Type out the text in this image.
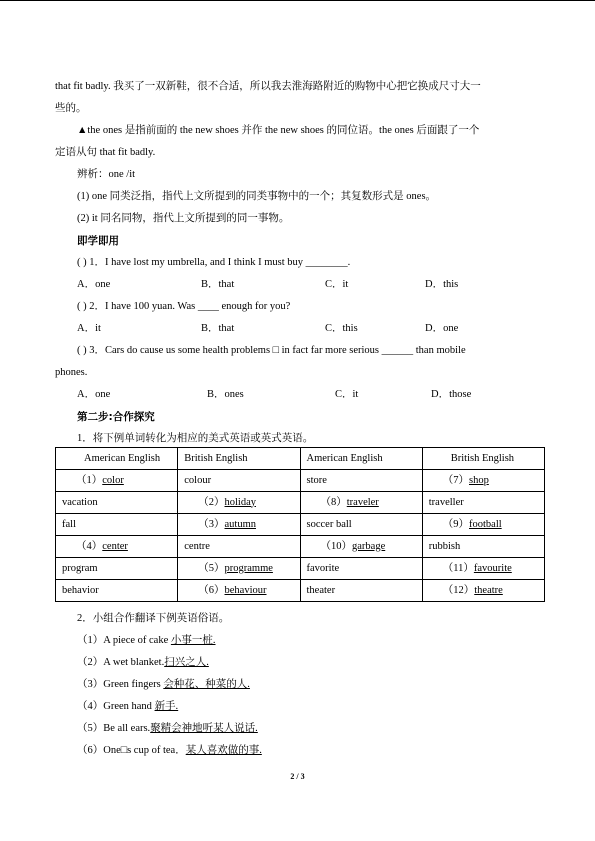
that fit badly. 我买了一双新鞋，很不合适，所以我去淮海路附近的购物中心把它换成尺寸大一
些的。
▲the ones 是指前面的 the new shoes 并作 the new shoes 的同位语。the ones 后面跟了一个
定语从句 that fit badly.
辨析：one /it
(1) one 同类泛指，指代上文所提到的同类事物中的一个；其复数形式是 ones。
(2) it 同名同物，指代上文所提到的同一事物。
即学即用
( ) 1．I have lost my umbrella, and I think I must buy ________.
A．one	B．that	C．it	D．this
( ) 2．I have 100 yuan. Was ____ enough for you?
A．it	B．that	C．this	D．one
( ) 3．Cars do cause us some health problems □ in fact far more serious ______ than mobile
phones.
A．one	B．ones	C．it	D．those
第二步:合作探究
1．将下例单词转化为相应的美式英语或英式英语。
American English	British English	American English	British English
（1）color	colour	store	（7）shop
vacation	（2）holiday	（8）traveler	traveller
fall	（3）autumn	soccer ball	（9）football
（4）center	centre	（10）garbage	rubbish
program	（5）programme	favorite	（11）favourite
behavior	（6）behaviour	theater	（12）theatre
2．小组合作翻译下例英语俗语。
（1）A piece of cake 小事一桩.
（2）A wet blanket.扫兴之人.
（3）Green fingers 会种花、种菜的人.
（4）Green hand 新手.
（5）Be all ears.聚精会神地听某人说话.
（6）One□s cup of tea．某人喜欢做的事.
2 / 3
